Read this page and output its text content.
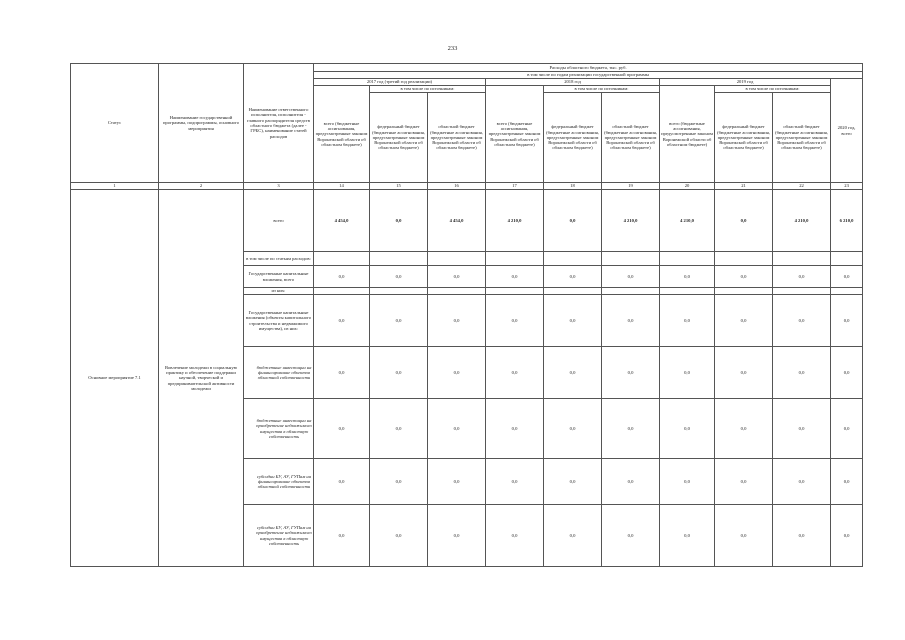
233
Статус	Наименование государственной программы, подпрограммы, основного мероприятия	Наименование ответственного исполнителя, исполнителя - главного распорядителя средств областного бюджета (далее - ГРБС), наименование статей расходов	Расходы областного бюджета, тыс. руб.									
			в том числе по годам реализации государственной программы									
			2017 год (третий год реализации)			2018 год			2019 год			2020 год, всего
			всего (бюджетные ассигнования, предусмотренные законом Воронежской области об областном бюджете)	в том числе по источникам:		всего (бюджетные ассигнования, предусмотренные законом Воронежской области об областном бюджете)	в том числе по источникам:		всего (бюджетные ассигнования, предусмотренные законом Воронежской области об областном бюджете)	в том числе по источникам:		
				федеральный бюджет (бюджетные ассигнования, предусмотренные законом Воронежской области об областном бюджете)	областной бюджет (бюджетные ассигнования, предусмотренные законом Воронежской области об областном бюджете)		федеральный бюджет (бюджетные ассигнования, предусмотренные законом Воронежской области об областном бюджете)	областной бюджет (бюджетные ассигнования, предусмотренные законом Воронежской области об областном бюджете)		федеральный бюджет (бюджетные ассигнования, предусмотренные законом Воронежской области об областном бюджете)	областной бюджет (бюджетные ассигнования, предусмотренные законом Воронежской области об областном бюджете)	
1	2	3	14	15	16	17	18	19	20	21	22	23
Основное мероприятие 7.1	Вовлечение молодежи в социальную практику и обеспечение поддержки научной, творческой и предпринимательской активности молодежи	всего	4 454,0	0,0	4 454,0	4 210,0	0,0	4 210,0	4 210,0	0,0	4 210,0	6 210,0
		в том числе по статьям расходов:										
		Государственные капитальные вложения, всего	0,0	0,0	0,0	0,0	0,0	0,0	0,0	0,0	0,0	0,0
		из них:										
		Государственные капитальные вложения (объекты капитального строительства и недвижимого имущества), из них:	0,0	0,0	0,0	0,0	0,0	0,0	0,0	0,0	0,0	0,0
		бюджетные инвестиции на финансирование объектов областной собственности	0,0	0,0	0,0	0,0	0,0	0,0	0,0	0,0	0,0	0,0
		бюджетные инвестиции на приобретение недвижимого имущества в областную собственность	0,0	0,0	0,0	0,0	0,0	0,0	0,0	0,0	0,0	0,0
		субсидии БУ, АУ, ГУПам на финансирование объектов областной собственности	0,0	0,0	0,0	0,0	0,0	0,0	0,0	0,0	0,0	0,0
		субсидии БУ, АУ, ГУПам на приобретение недвижимого имущества в областную собственность	0,0	0,0	0,0	0,0	0,0	0,0	0,0	0,0	0,0	0,0
